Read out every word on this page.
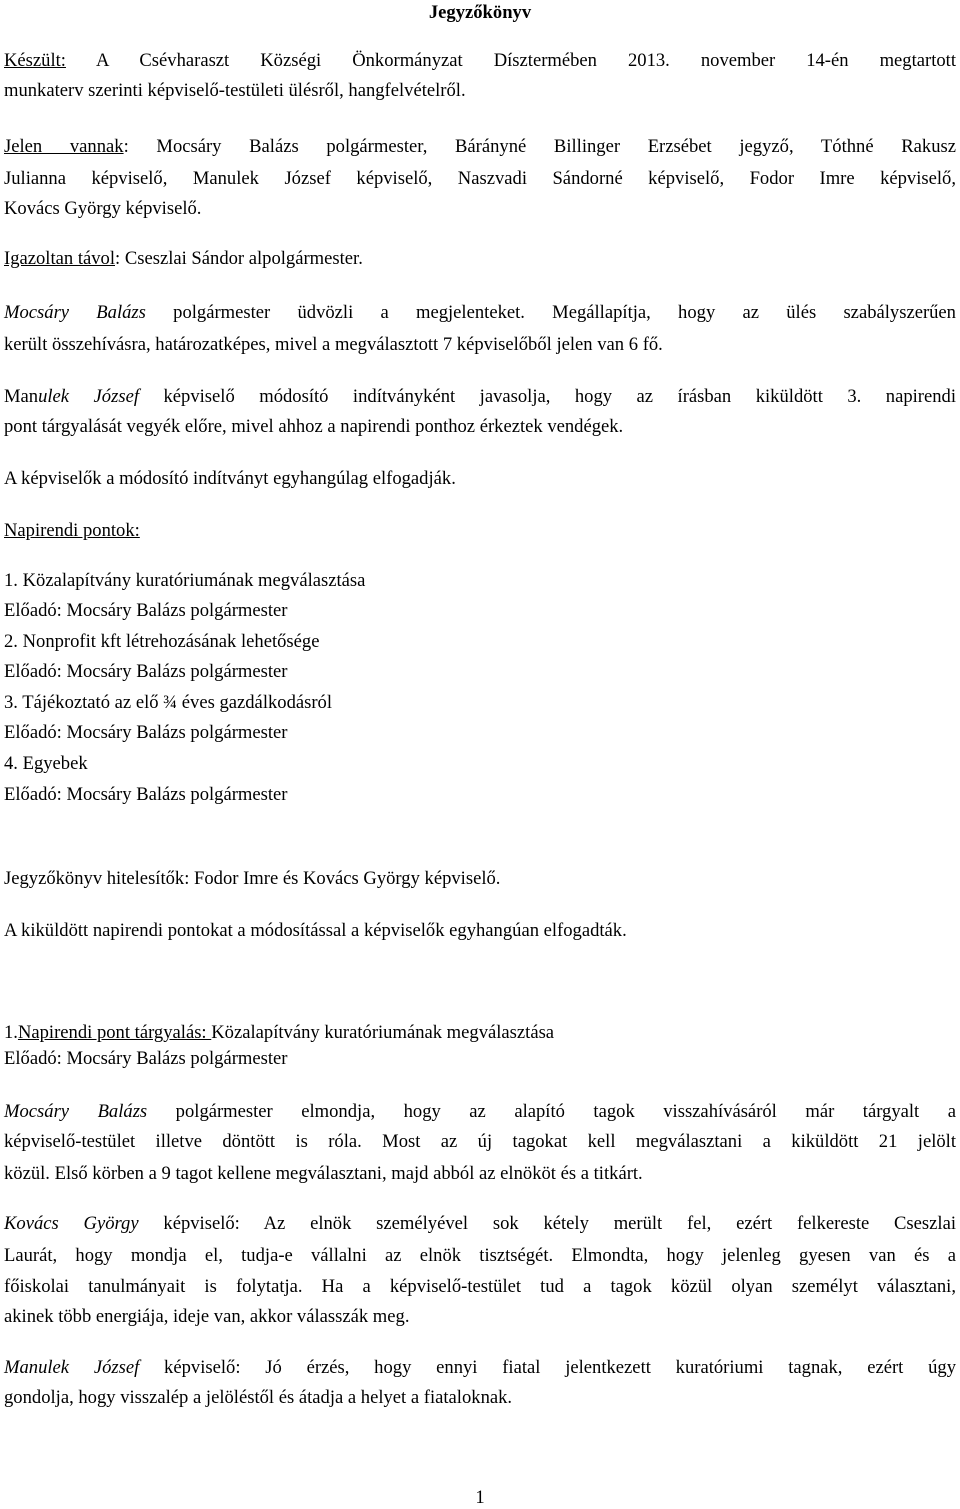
Jegyzőkönyv
Készült: A Csévharaszt Községi Önkormányzat Dísztermében 2013. november 14-én megtartott
munkaterv szerinti képviselő-testületi ülésről, hangfelvételről.
Jelen vannak: Mocsáry Balázs polgármester, Bárányné Billinger Erzsébet jegyző, Tóthné Rakusz
Julianna képviselő, Manulek József képviselő, Naszvadi Sándorné képviselő, Fodor Imre képviselő,
Kovács György képviselő.
Igazoltan távol: Cseszlai Sándor alpolgármester.
Mocsáry Balázs polgármester üdvözli a megjelenteket. Megállapítja, hogy az ülés szabályszerűen
került összehívásra, határozatképes, mivel a megválasztott 7 képviselőből jelen van 6 fő.
Manulek József képviselő módosító indítványként javasolja, hogy az írásban kiküldött 3. napirendi
pont tárgyalását vegyék előre, mivel ahhoz a napirendi ponthoz érkeztek vendégek.
A képviselők a módosító indítványt egyhangúlag elfogadják.
Napirendi pontok:
1. Közalapítvány kuratóriumának megválasztása
Előadó: Mocsáry Balázs polgármester
2. Nonprofit kft létrehozásának lehetősége
Előadó: Mocsáry Balázs polgármester
3. Tájékoztató az elő ¾ éves gazdálkodásról
Előadó: Mocsáry Balázs polgármester
4. Egyebek
Előadó: Mocsáry Balázs polgármester
Jegyzőkönyv hitelesítők: Fodor Imre és Kovács György képviselő.
A kiküldött napirendi pontokat a módosítással a képviselők egyhangúan elfogadták.
1.Napirendi pont tárgyalás: Közalapítvány kuratóriumának megválasztása
Előadó: Mocsáry Balázs polgármester
Mocsáry Balázs polgármester elmondja, hogy az alapító tagok visszahívásáról már tárgyalt a
képviselő-testület illetve döntött is róla. Most az új tagokat kell megválasztani a kiküldött 21 jelölt
közül. Első körben a 9 tagot kellene megválasztani, majd abból az elnököt és a titkárt.
Kovács György képviselő: Az elnök személyével sok kétely merült fel, ezért felkereste Cseszlai
Laurát, hogy mondja el, tudja-e vállalni az elnök tisztségét. Elmondta, hogy jelenleg gyesen van és a
főiskolai tanulmányait is folytatja. Ha a képviselő-testület tud a tagok közül olyan személyt választani,
akinek több energiája, ideje van, akkor válasszák meg.
Manulek József képviselő: Jó érzés, hogy ennyi fiatal jelentkezett kuratóriumi tagnak, ezért úgy
gondolja, hogy visszalép a jelöléstől és átadja a helyet a fiataloknak.
1
